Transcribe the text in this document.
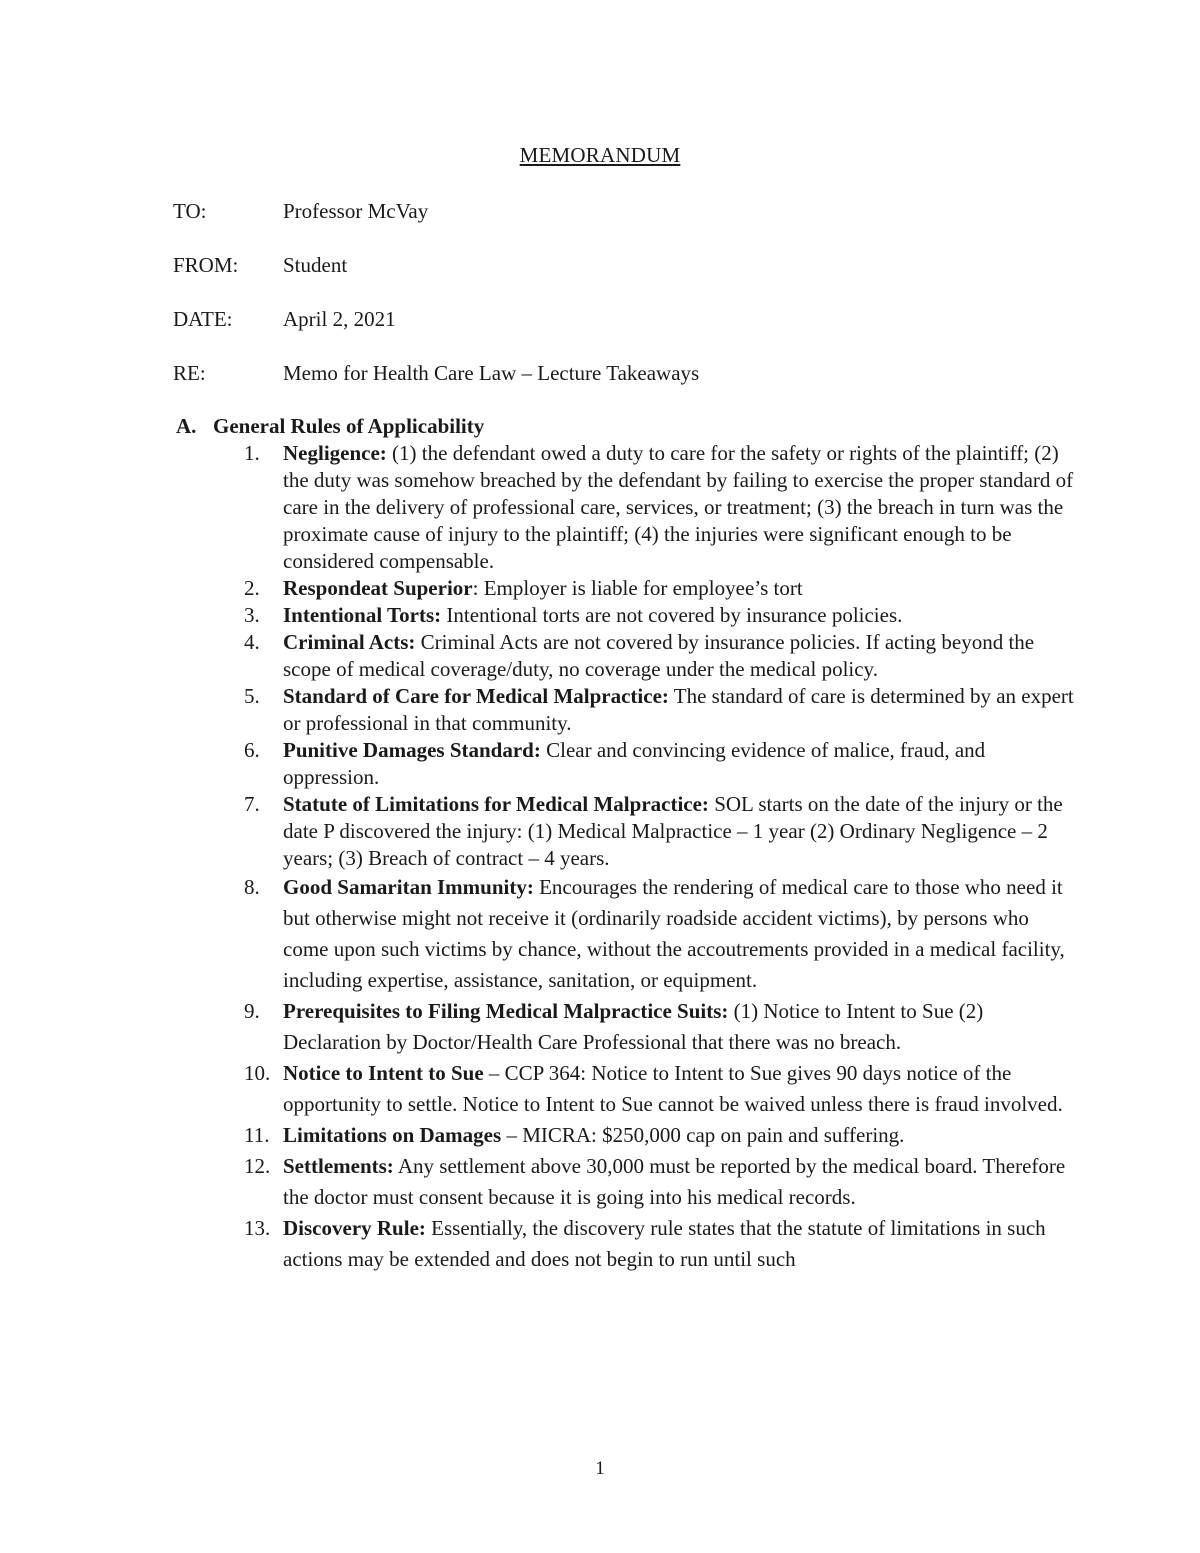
MEMORANDUM
TO:	Professor McVay
FROM: Student
DATE: April 2, 2021
RE:	Memo for Health Care Law – Lecture Takeaways
A. General Rules of Applicability
1. Negligence: (1) the defendant owed a duty to care for the safety or rights of the plaintiff; (2) the duty was somehow breached by the defendant by failing to exercise the proper standard of care in the delivery of professional care, services, or treatment; (3) the breach in turn was the proximate cause of injury to the plaintiff; (4) the injuries were significant enough to be considered compensable.
2. Respondeat Superior: Employer is liable for employee’s tort
3. Intentional Torts: Intentional torts are not covered by insurance policies.
4. Criminal Acts: Criminal Acts are not covered by insurance policies. If acting beyond the scope of medical coverage/duty, no coverage under the medical policy.
5. Standard of Care for Medical Malpractice: The standard of care is determined by an expert or professional in that community.
6. Punitive Damages Standard: Clear and convincing evidence of malice, fraud, and oppression.
7. Statute of Limitations for Medical Malpractice: SOL starts on the date of the injury or the date P discovered the injury: (1) Medical Malpractice – 1 year (2) Ordinary Negligence – 2 years; (3) Breach of contract – 4 years.
8. Good Samaritan Immunity: Encourages the rendering of medical care to those who need it but otherwise might not receive it (ordinarily roadside accident victims), by persons who come upon such victims by chance, without the accoutrements provided in a medical facility, including expertise, assistance, sanitation, or equipment.
9. Prerequisites to Filing Medical Malpractice Suits: (1) Notice to Intent to Sue (2) Declaration by Doctor/Health Care Professional that there was no breach.
10. Notice to Intent to Sue – CCP 364: Notice to Intent to Sue gives 90 days notice of the opportunity to settle. Notice to Intent to Sue cannot be waived unless there is fraud involved.
11. Limitations on Damages – MICRA: $250,000 cap on pain and suffering.
12. Settlements: Any settlement above 30,000 must be reported by the medical board. Therefore the doctor must consent because it is going into his medical records.
13. Discovery Rule: Essentially, the discovery rule states that the statute of limitations in such actions may be extended and does not begin to run until such
1
